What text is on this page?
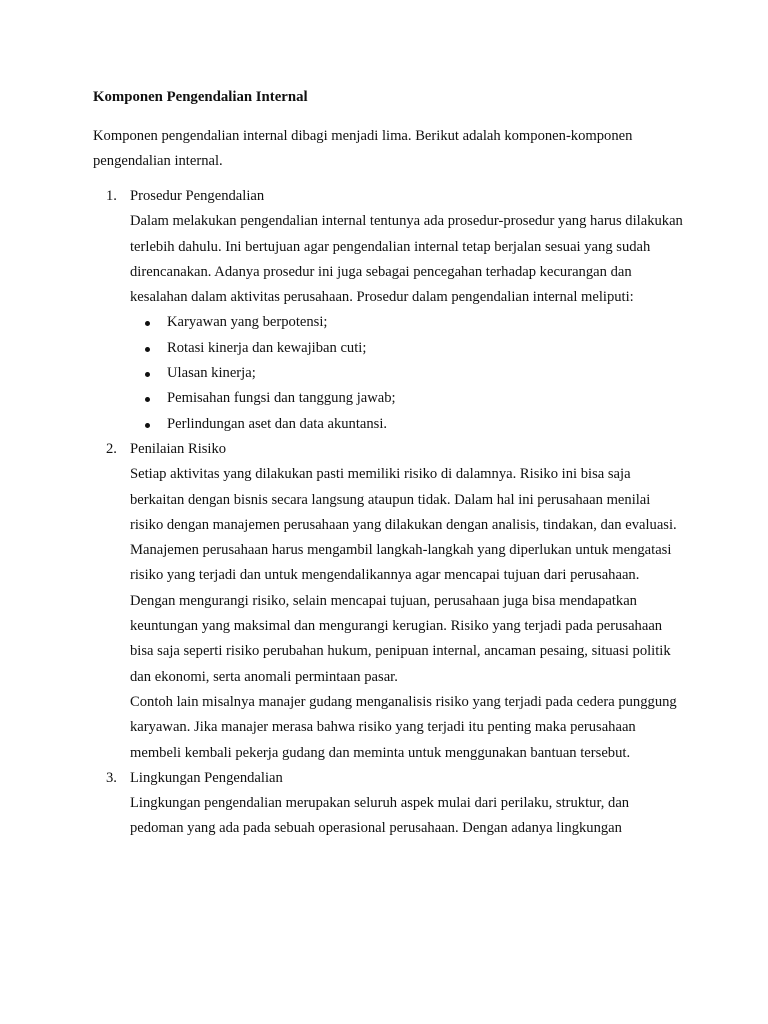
Komponen Pengendalian Internal
Komponen pengendalian internal dibagi menjadi lima. Berikut adalah komponen-komponen pengendalian internal.
1. Prosedur Pengendalian

Dalam melakukan pengendalian internal tentunya ada prosedur-prosedur yang harus dilakukan terlebih dahulu. Ini bertujuan agar pengendalian internal tetap berjalan sesuai yang sudah direncanakan. Adanya prosedur ini juga sebagai pencegahan terhadap kecurangan dan kesalahan dalam aktivitas perusahaan. Prosedur dalam pengendalian internal meliputi:

Karyawan yang berpotensi;
Rotasi kinerja dan kewajiban cuti;
Ulasan kinerja;
Pemisahan fungsi dan tanggung jawab;
Perlindungan aset dan data akuntansi.
2. Penilaian Risiko

Setiap aktivitas yang dilakukan pasti memiliki risiko di dalamnya. Risiko ini bisa saja berkaitan dengan bisnis secara langsung ataupun tidak. Dalam hal ini perusahaan menilai risiko dengan manajemen perusahaan yang dilakukan dengan analisis, tindakan, dan evaluasi.

Manajemen perusahaan harus mengambil langkah-langkah yang diperlukan untuk mengatasi risiko yang terjadi dan untuk mengendalikannya agar mencapai tujuan dari perusahaan. Dengan mengurangi risiko, selain mencapai tujuan, perusahaan juga bisa mendapatkan keuntungan yang maksimal dan mengurangi kerugian. Risiko yang terjadi pada perusahaan bisa saja seperti risiko perubahan hukum, penipuan internal, ancaman pesaing, situasi politik dan ekonomi, serta anomali permintaan pasar.

Contoh lain misalnya manajer gudang menganalisis risiko yang terjadi pada cedera punggung karyawan. Jika manajer merasa bahwa risiko yang terjadi itu penting maka perusahaan membeli kembali pekerja gudang dan meminta untuk menggunakan bantuan tersebut.

3. Lingkungan Pengendalian

Lingkungan pengendalian merupakan seluruh aspek mulai dari perilaku, struktur, dan pedoman yang ada pada sebuah operasional perusahaan. Dengan adanya lingkungan
